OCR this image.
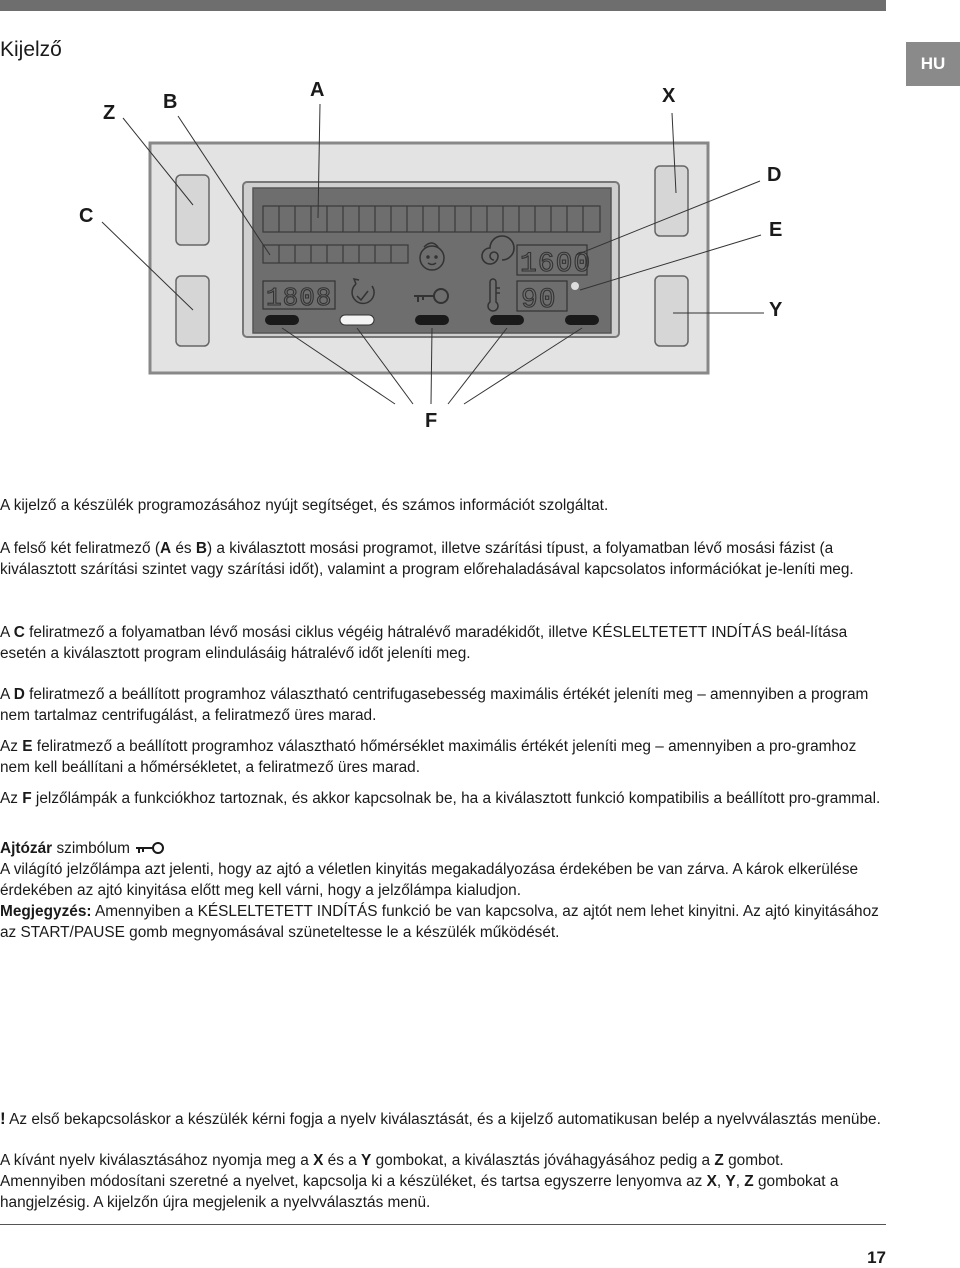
Kijelző
HU
1600
1808	90
Z B
A	X
C
D
E
Y
F

A kijelző a készülék programozásához nyújt segítséget, és számos információt szolgáltat.

A felső két feliratmező (A és B) a kiválasztott mosási programot, illetve szárítási típust, a folyamatban lévő mosási fázist (a kiválasztott szárítási szintet vagy szárítási időt), valamint a program előrehaladásával kapcsolatos információkat je-leníti meg.

A C feliratmező a folyamatban lévő mosási ciklus végéig hátralévő maradékidőt, illetve KÉSLELTETETT INDÍTÁS beál-lítása esetén a kiválasztott program elindulásáig hátralévő időt jeleníti meg.

A D feliratmező a beállított programhoz választható centrifugasebesség maximális értékét jeleníti meg – amennyiben a program nem tartalmaz centrifugálást, a feliratmező üres marad.

Az E feliratmező a beállított programhoz választható hőmérséklet maximális értékét jeleníti meg – amennyiben a pro-gramhoz nem kell beállítani a hőmérsékletet, a feliratmező üres marad.

Az F jelzőlámpák a funkciókhoz tartoznak, és akkor kapcsolnak be, ha a kiválasztott funkció kompatibilis a beállított pro-grammal.

Ajtózár szimbólum

A világító jelzőlámpa azt jelenti, hogy az ajtó a véletlen kinyitás megakadályozása érdekében be van zárva. A károk elkerülése érdekében az ajtó kinyitása előtt meg kell várni, hogy a jelzőlámpa kialudjon.

Megjegyzés: Amennyiben a KÉSLELTETETT INDÍTÁS funkció be van kapcsolva, az ajtót nem lehet kinyitni. Az ajtó kinyitásához az START/PAUSE gomb megnyomásával szüneteltesse le a készülék működését.

! Az első bekapcsoláskor a készülék kérni fogja a nyelv kiválasztását, és a kijelző automatikusan belép a nyelvválasztás menübe.

A kívánt nyelv kiválasztásához nyomja meg a X és a Y gombokat, a kiválasztás jóváhagyásához pedig a Z gombot.

Amennyiben módosítani szeretné a nyelvet, kapcsolja ki a készüléket, és tartsa egyszerre lenyomva az X, Y, Z gombokat a hangjelzésig. A kijelzőn újra megjelenik a nyelvválasztás menü.

17
